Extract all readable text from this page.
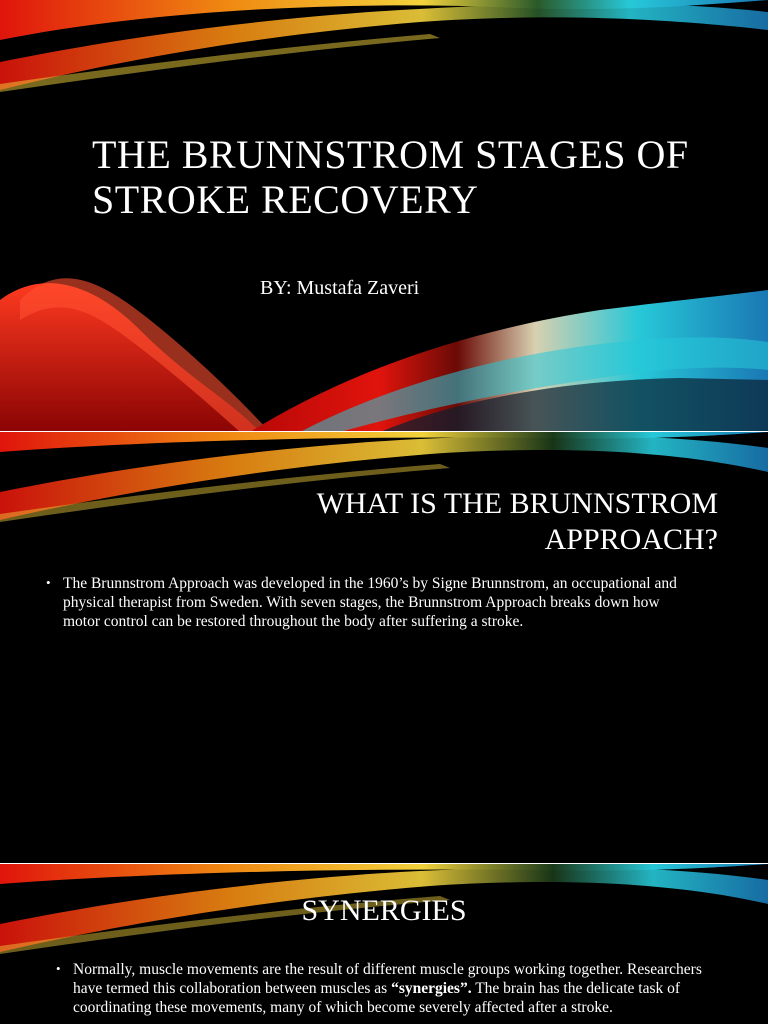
THE BRUNNSTROM STAGES OF STROKE RECOVERY
BY: Mustafa Zaveri
WHAT IS THE BRUNNSTROM APPROACH?
• The Brunnstrom Approach was developed in the 1960’s by Signe Brunnstrom, an occupational and physical therapist from Sweden. With seven stages, the Brunnstrom Approach breaks down how motor control can be restored throughout the body after suffering a stroke.
SYNERGIES
• Normally, muscle movements are the result of different muscle groups working together. Researchers have termed this collaboration between muscles as “synergies”. The brain has the delicate task of coordinating these movements, many of which become severely affected after a stroke.
